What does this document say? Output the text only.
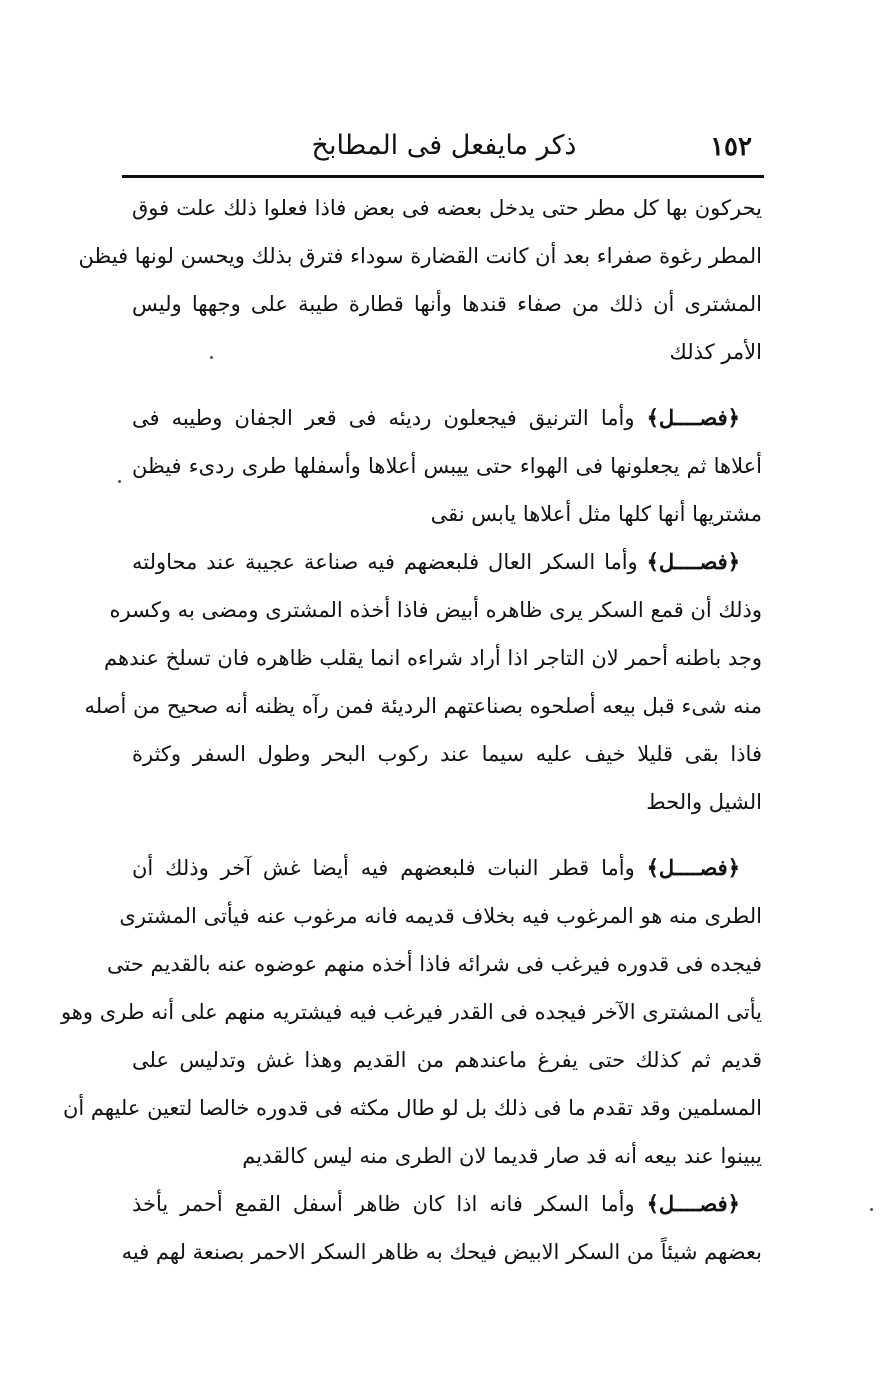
١٥٢
ذكر مايفعل فى المطابخ
يحركون بها كل مطر حتى يدخل بعضه فى بعض فاذا فعلوا ذلك علت فوق
المطر رغوة صفراء بعد أن كانت القضارة سوداء فترق بذلك ويحسن لونها فيظن
المشترى أن ذلك من صفاء قندها وأنها قطارة طيبة على وجهها وليس
الأمر كذلك
﴿فصــــل﴾ وأما الترنيق فيجعلون رديئه فى قعر الجفان وطيبه فى
أعلاها ثم يجعلونها فى الهواء حتى ييبس أعلاها وأسفلها طرى ردىء فيظن
مشتريها أنها كلها مثل أعلاها يابس نقى
﴿فصــــل﴾ وأما السكر العال فلبعضهم فيه صناعة عجيبة عند محاولته
وذلك أن قمع السكر يرى ظاهره أبيض فاذا أخذه المشترى ومضى به وكسره
وجد باطنه أحمر لان التاجر اذا أراد شراءه انما يقلب ظاهره فان تسلخ عندهم
منه شىء قبل بيعه أصلحوه بصناعتهم الرديئة فمن رآه يظنه أنه صحيح من أصله
فاذا بقى قليلا خيف عليه سيما عند ركوب البحر وطول السفر وكثرة
الشيل والحط
﴿فصــــل﴾ وأما قطر النبات فلبعضهم فيه أيضا غش آخر وذلك أن
الطرى منه هو المرغوب فيه بخلاف قديمه فانه مرغوب عنه فيأتى المشترى
فيجده فى قدوره فيرغب فى شرائه فاذا أخذه منهم عوضوه عنه بالقديم حتى
يأتى المشترى الآخر فيجده فى القدر فيرغب فيه فيشتريه منهم على أنه طرى وهو
قديم ثم كذلك حتى يفرغ ماعندهم من القديم وهذا غش وتدليس على
المسلمين وقد تقدم ما فى ذلك بل لو طال مكثه فى قدوره خالصا لتعين عليهم أن
يبينوا عند بيعه أنه قد صار قديما لان الطرى منه ليس كالقديم
﴿فصــــل﴾ وأما السكر فانه اذا كان ظاهر أسفل القمع أحمر يأخذ
بعضهم شيئاً من السكر الابيض فيحك به ظاهر السكر الاحمر بصنعة لهم فيه
